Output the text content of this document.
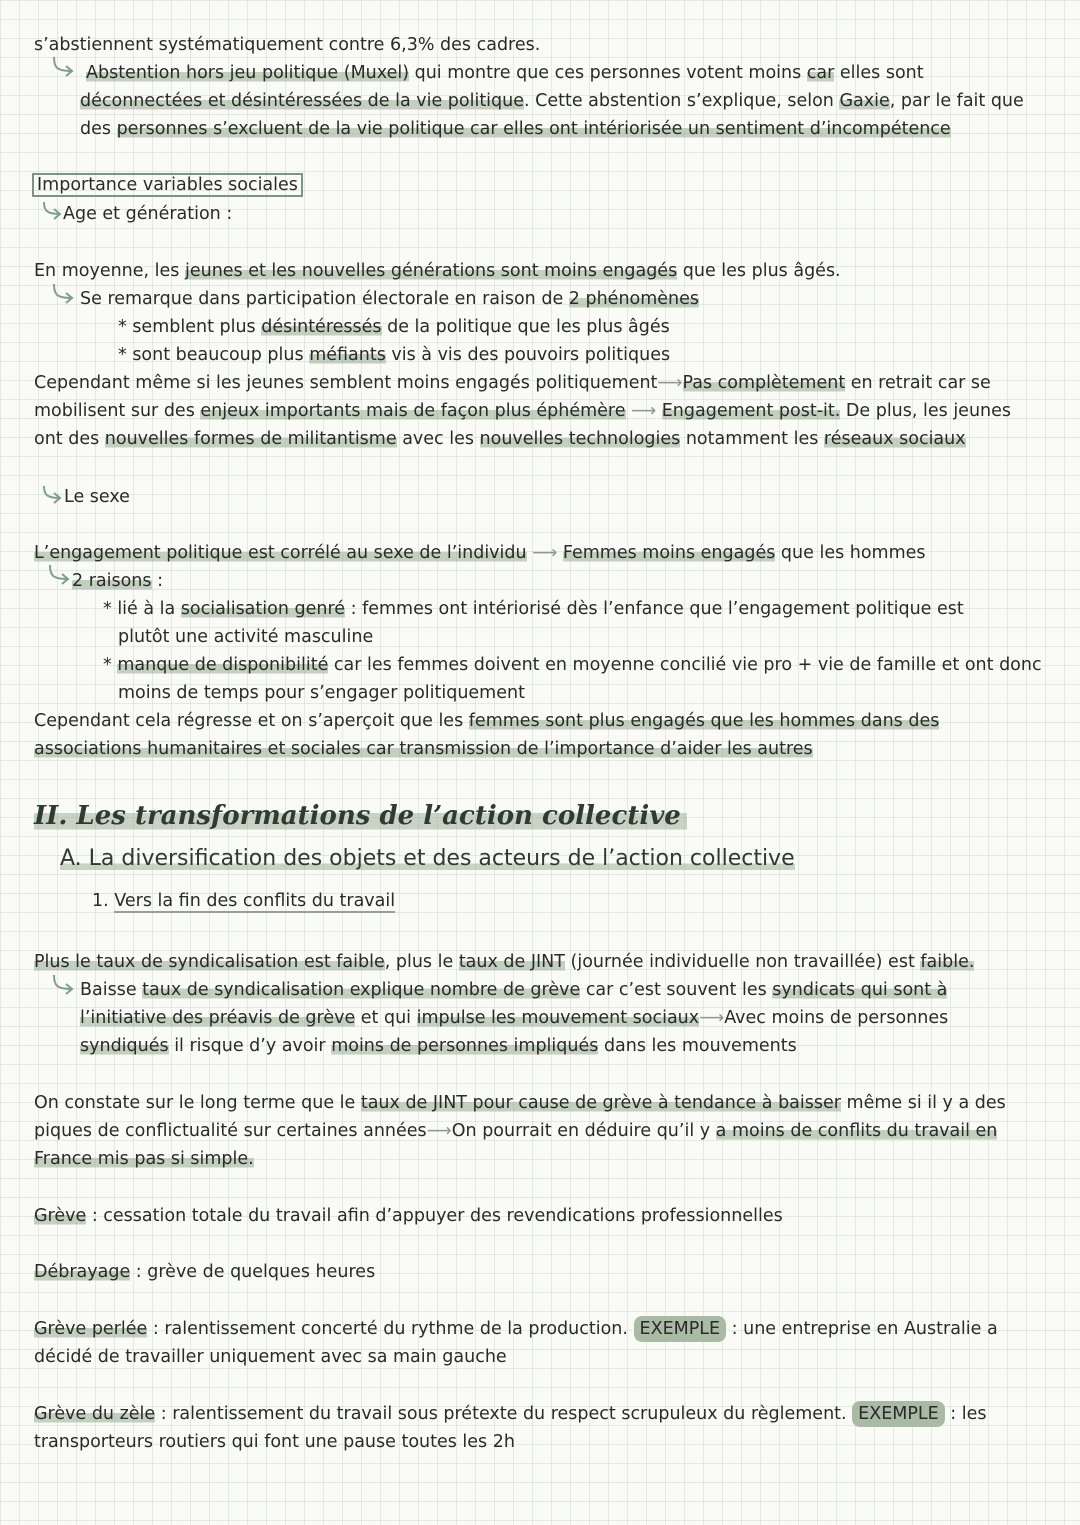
s’abstiennent systématiquement contre 6,3% des cadres.
Abstention hors jeu politique (Muxel) qui montre que ces personnes votent moins car elles sont
déconnectées et désintéressées de la vie politique. Cette abstention s’explique, selon Gaxie, par le fait que
des personnes s’excluent de la vie politique car elles ont intériorisée un sentiment d’incompétence
Importance variables sociales
Age et génération :
En moyenne, les jeunes et les nouvelles générations sont moins engagés que les plus âgés.
Se remarque dans participation électorale en raison de 2 phénomènes
* semblent plus désintéressés de la politique que les plus âgés
* sont beaucoup plus méfiants vis à vis des pouvoirs politiques
Cependant même si les jeunes semblent moins engagés politiquement⟶Pas complètement en retrait car se
mobilisent sur des enjeux importants mais de façon plus éphémère ⟶ Engagement post-it. De plus, les jeunes
ont des nouvelles formes de militantisme avec les nouvelles technologies notamment les réseaux sociaux
Le sexe
L’engagement politique est corrélé au sexe de l’individu ⟶ Femmes moins engagés que les hommes
2 raisons :
* lié à la socialisation genré : femmes ont intériorisé dès l’enfance que l’engagement politique est
plutôt une activité masculine
* manque de disponibilité car les femmes doivent en moyenne concilié vie pro + vie de famille et ont donc
moins de temps pour s’engager politiquement
Cependant cela régresse et on s’aperçoit que les femmes sont plus engagés que les hommes dans des
associations humanitaires et sociales car transmission de l’importance d’aider les autres
II. Les transformations de l’action collective
A. La diversification des objets et des acteurs de l’action collective
1. Vers la fin des conflits du travail
Plus le taux de syndicalisation est faible, plus le taux de JINT (journée individuelle non travaillée) est faible.
Baisse taux de syndicalisation explique nombre de grève car c’est souvent les syndicats qui sont à
l’initiative des préavis de grève et qui impulse les mouvement sociaux⟶Avec moins de personnes
syndiqués il risque d’y avoir moins de personnes impliqués dans les mouvements
On constate sur le long terme que le taux de JINT pour cause de grève à tendance à baisser même si il y a des
piques de conflictualité sur certaines années⟶On pourrait en déduire qu’il y a moins de conflits du travail en
France mis pas si simple.
Grève : cessation totale du travail afin d’appuyer des revendications professionnelles
Débrayage : grève de quelques heures
Grève perlée : ralentissement concerté du rythme de la production. EXEMPLE : une entreprise en Australie a
décidé de travailler uniquement avec sa main gauche
Grève du zèle : ralentissement du travail sous prétexte du respect scrupuleux du règlement. EXEMPLE : les
transporteurs routiers qui font une pause toutes les 2h
